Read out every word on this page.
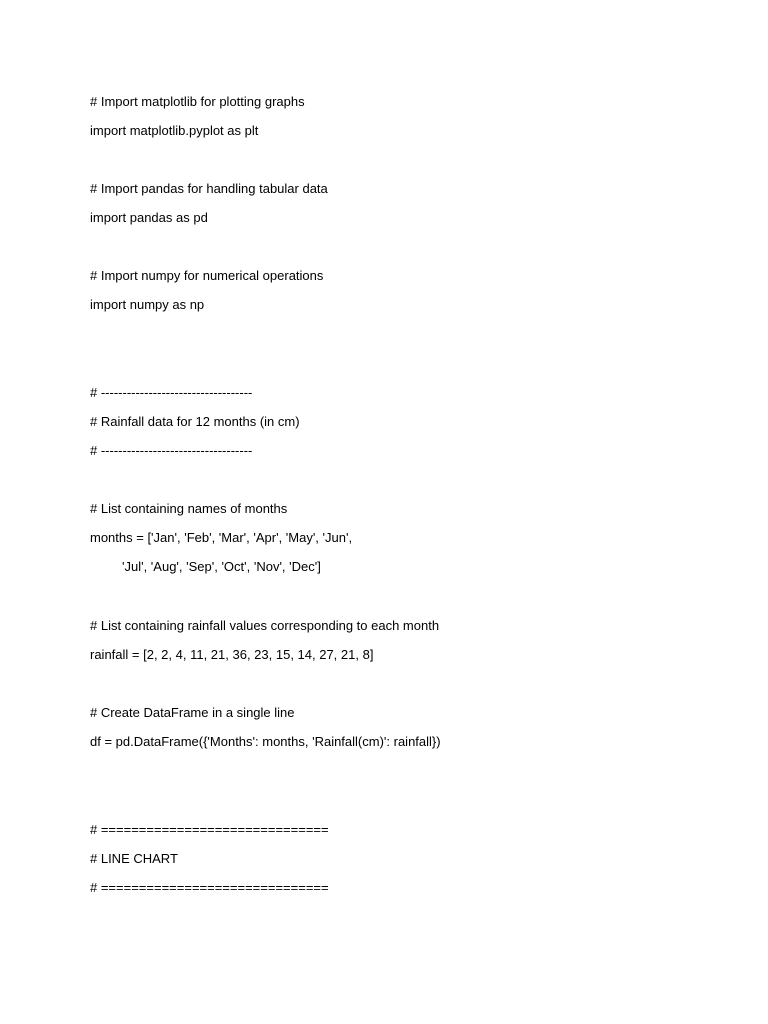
# Import matplotlib for plotting graphs
import matplotlib.pyplot as plt
# Import pandas for handling tabular data
import pandas as pd
# Import numpy for numerical operations
import numpy as np
# -----------------------------------
# Rainfall data for 12 months (in cm)
# -----------------------------------
# List containing names of months
months = ['Jan', 'Feb', 'Mar', 'Apr', 'May', 'Jun',
'Jul', 'Aug', 'Sep', 'Oct', 'Nov', 'Dec']
# List containing rainfall values corresponding to each month
rainfall = [2, 2, 4, 11, 21, 36, 23, 15, 14, 27, 21, 8]
# Create DataFrame in a single line
df = pd.DataFrame({'Months': months, 'Rainfall(cm)': rainfall})
# ==============================
# LINE CHART
# ==============================
